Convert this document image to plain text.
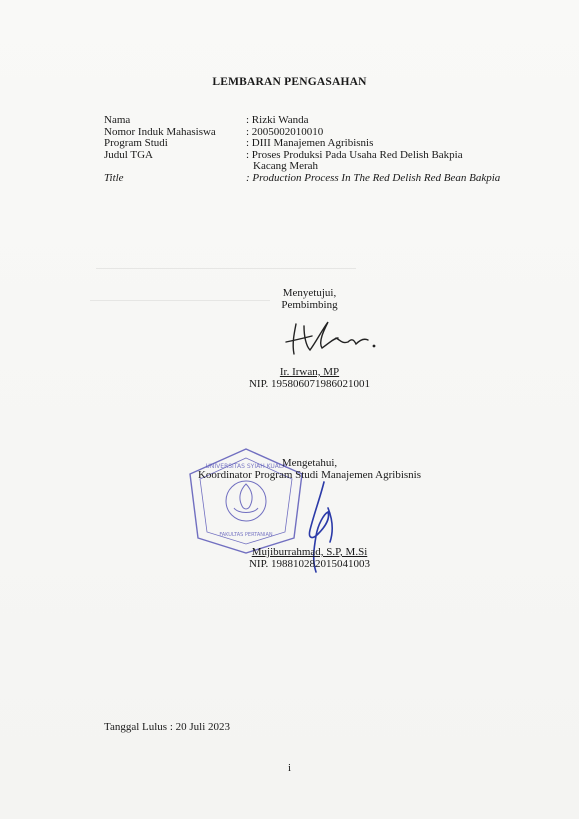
LEMBARAN PENGASAHAN
Nama	: Rizki Wanda
Nomor Induk Mahasiswa	: 2005002010010
Program Studi	: DIII Manajemen Agribisnis
Judul TGA	: Proses Produksi Pada Usaha Red Delish Bakpia
Kacang Merah
Title	: Production Process In The Red Delish Red Bean Bakpia
Menyetujui,
Pembimbing
Ir. Irwan, MP
NIP. 195806071986021001
UNIVERSITAS SYIAH KUALA
FAKULTAS PERTANIAN
Mengetahui,
Koordinator Program Studi Manajemen Agribisnis
Mujiburrahmad, S.P, M.Si
NIP. 198810282015041003
Tanggal Lulus : 20 Juli 2023
i
